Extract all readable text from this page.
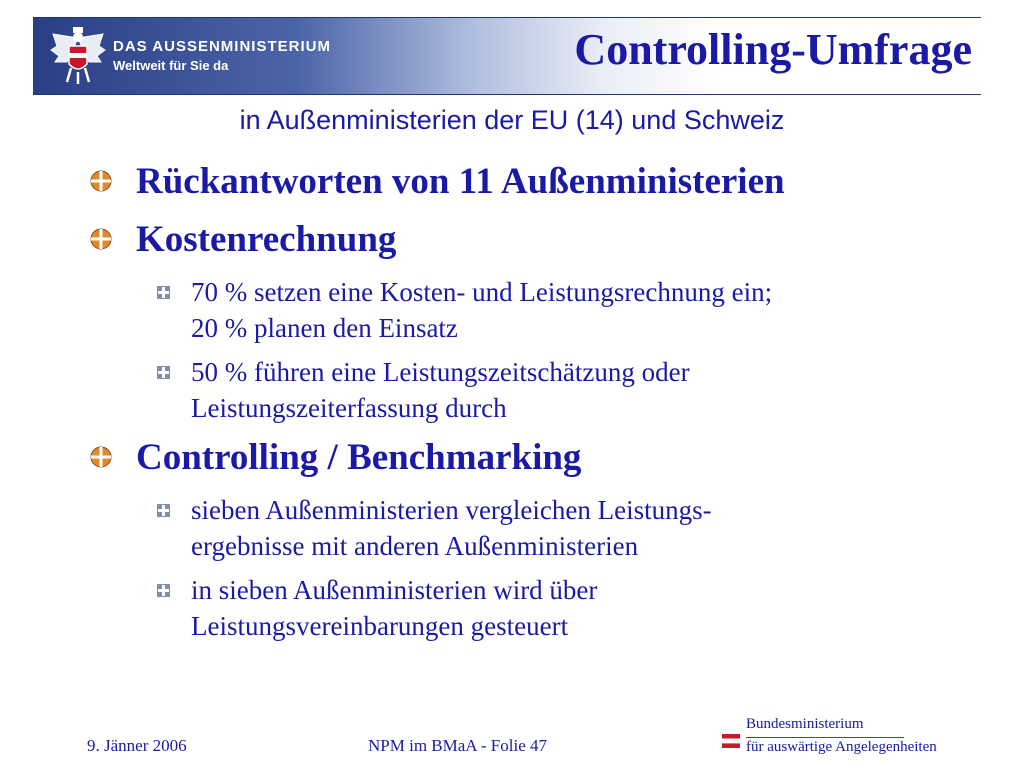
DAS AUSSENMINISTERIUM
Weltweit für Sie da	Controlling-Umfrage
in Außenministerien der EU (14) und Schweiz
Rückantworten von 11 Außenministerien
Kostenrechnung
70 % setzen eine Kosten- und Leistungsrechnung ein;
20 % planen den Einsatz
50 % führen eine Leistungszeitschätzung oder
Leistungszeiterfassung durch
Controlling / Benchmarking
sieben Außenministerien vergleichen Leistungs-
ergebnisse mit anderen Außenministerien
in sieben Außenministerien wird über
Leistungsvereinbarungen gesteuert
9. Jänner 2006	NPM im BMaA - Folie 47
Bundesministerium
für auswärtige Angelegenheiten
